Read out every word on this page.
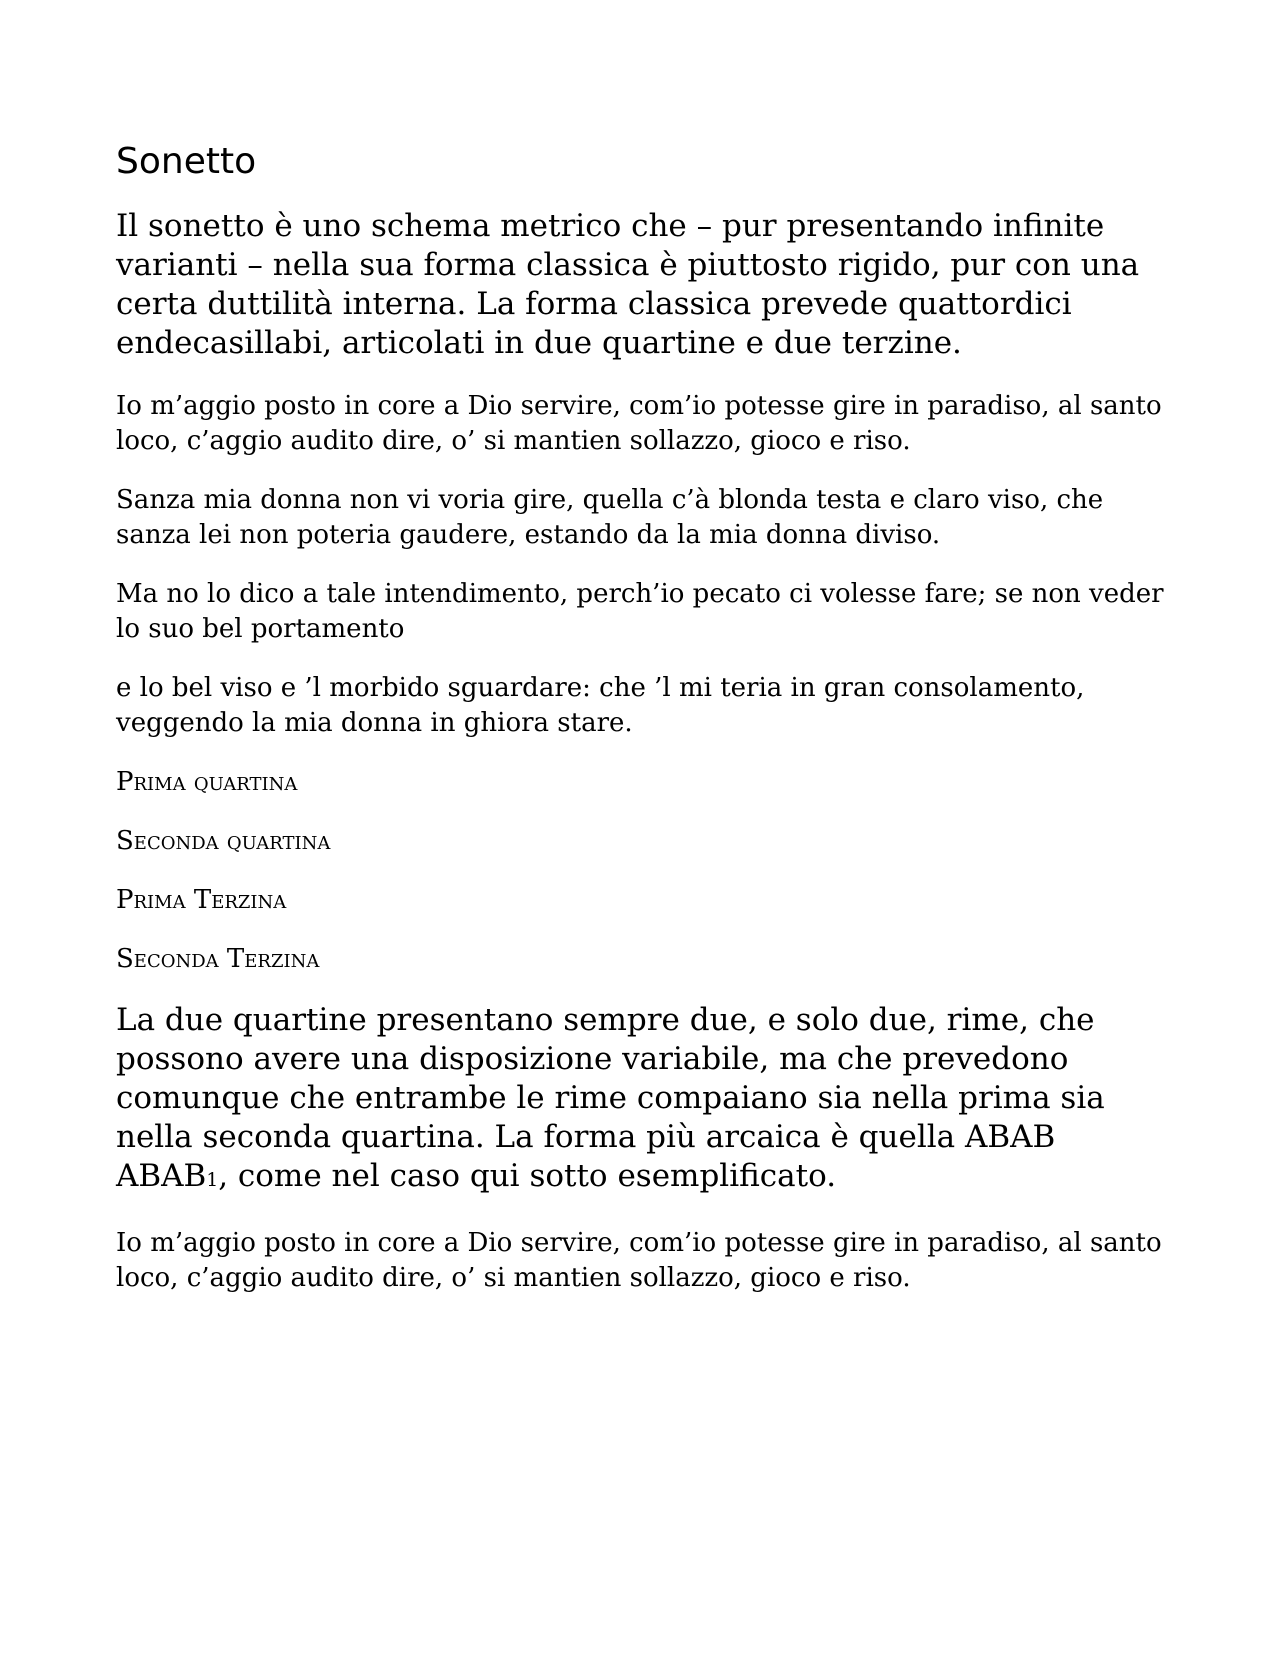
Sonetto

Il sonetto è uno schema metrico che – pur presentando infinite varianti – nella sua forma classica è piuttosto rigido, pur con una certa duttilità interna. La forma classica prevede quattordici endecasillabi, articolati in due quartine e due terzine.

Io m’aggio posto in core a Dio servire, com’io potesse gire in paradiso, al santo loco, c’aggio audito dire, o’ si mantien sollazzo, gioco e riso.

Sanza mia donna non vi voria gire, quella c’à blonda testa e claro viso, che sanza lei non poteria gaudere, estando da la mia donna diviso.

Ma no lo dico a tale intendimento, perch’io pecato ci volesse fare; se non veder lo suo bel portamento

e lo bel viso e ’l morbido sguardare: che ’l mi teria in gran consolamento, veggendo la mia donna in ghiora stare.

Prima quartina

Seconda quartina

Prima Terzina

Seconda Terzina

La due quartine presentano sempre due, e solo due, rime, che possono avere una disposizione variabile, ma che prevedono comunque che entrambe le rime compaiano sia nella prima sia nella seconda quartina. La forma più arcaica è quella ABAB ABAB1, come nel caso qui sotto esemplificato.

Io m’aggio posto in core a Dio servire, com’io potesse gire in paradiso, al santo loco, c’aggio audito dire, o’ si mantien sollazzo, gioco e riso.
